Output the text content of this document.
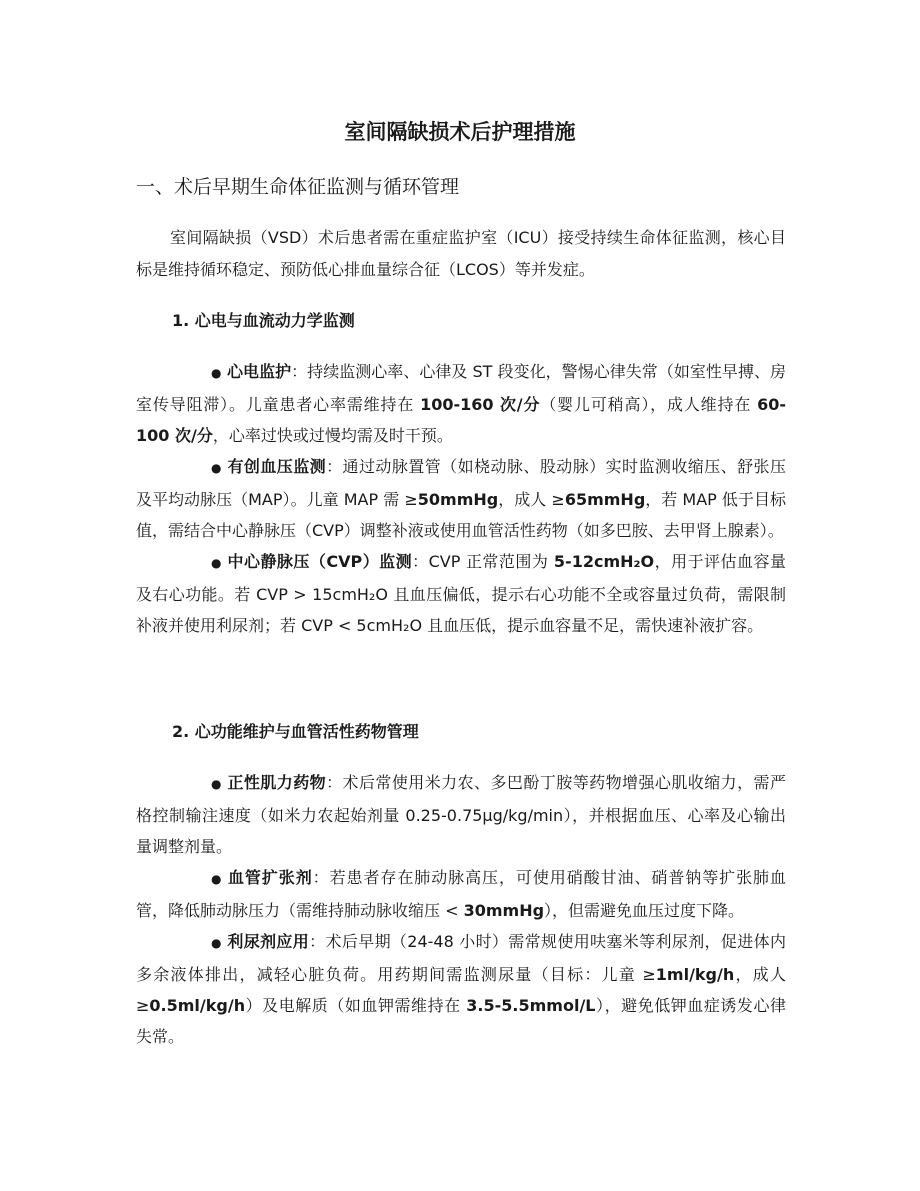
室间隔缺损术后护理措施
一、术后早期生命体征监测与循环管理

室间隔缺损（VSD）术后患者需在重症监护室（ICU）接受持续生命体征监测，核心目标是维持循环稳定、预防低心排血量综合征（LCOS）等并发症。

1. 心电与血流动力学监测
● 心电监护：持续监测心率、心律及 ST 段变化，警惕心律失常（如室性早搏、房室传导阻滞）。儿童患者心率需维持在 100-160 次/分（婴儿可稍高），成人维持在 60-100 次/分，心率过快或过慢均需及时干预。
● 有创血压监测：通过动脉置管（如桡动脉、股动脉）实时监测收缩压、舒张压及平均动脉压（MAP）。儿童 MAP 需 ≥50mmHg，成人 ≥65mmHg，若 MAP 低于目标值，需结合中心静脉压（CVP）调整补液或使用血管活性药物（如多巴胺、去甲肾上腺素）。
● 中心静脉压（CVP）监测：CVP 正常范围为 5-12cmH₂O，用于评估血容量及右心功能。若 CVP > 15cmH₂O 且血压偏低，提示右心功能不全或容量过负荷，需限制补液并使用利尿剂；若 CVP < 5cmH₂O 且血压低，提示血容量不足，需快速补液扩容。
2. 心功能维护与血管活性药物管理
● 正性肌力药物：术后常使用米力农、多巴酚丁胺等药物增强心肌收缩力，需严格控制输注速度（如米力农起始剂量 0.25-0.75μg/kg/min），并根据血压、心率及心输出量调整剂量。
● 血管扩张剂：若患者存在肺动脉高压，可使用硝酸甘油、硝普钠等扩张肺血管，降低肺动脉压力（需维持肺动脉收缩压 < 30mmHg），但需避免血压过度下降。
● 利尿剂应用：术后早期（24-48 小时）需常规使用呋塞米等利尿剂，促进体内多余液体排出，减轻心脏负荷。用药期间需监测尿量（目标：儿童 ≥1ml/kg/h，成人 ≥0.5ml/kg/h）及电解质（如血钾需维持在 3.5-5.5mmol/L），避免低钾血症诱发心律失常。
